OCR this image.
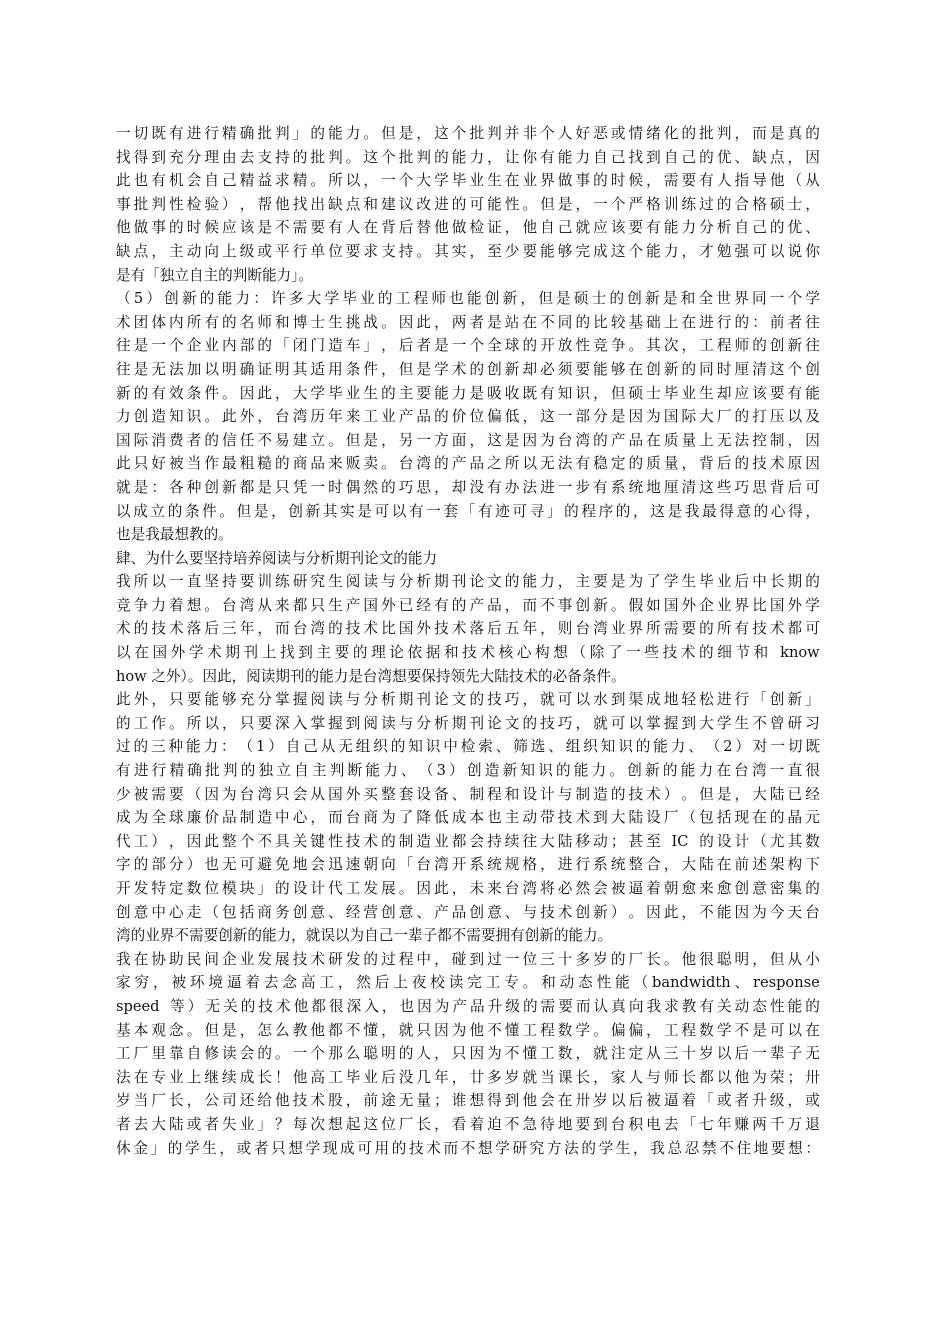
一 切 既 有 进 行 精 确 批 判 」 的 能 力 。 但 是 ， 这 个 批 判 并 非 个 人 好 恶 或 情 绪 化 的 批 判 ， 而 是 真 的
找 得 到 充 分 理 由 去 支 持 的 批 判 。 这 个 批 判 的 能 力 ， 让 你 有 能 力 自 己 找 到 自 己 的 优 、 缺 点 ， 因
此 也 有 机 会 自 己 精 益 求 精 。 所 以 ， 一 个 大 学 毕 业 生 在 业 界 做 事 的 时 候 ， 需 要 有 人 指 导 他 （ 从
事 批 判 性 检 验 ） ， 帮 他 找 出 缺 点 和 建 议 改 进 的 可 能 性 。 但 是 ， 一 个 严 格 训 练 过 的 合 格 硕 士 ，
他 做 事 的 时 候 应 该 是 不 需 要 有 人 在 背 后 替 他 做 检 证 ， 他 自 己 就 应 该 要 有 能 力 分 析 自 己 的 优 、
缺 点 ， 主 动 向 上 级 或 平 行 单 位 要 求 支 持 。 其 实 ， 至 少 要 能 够 完 成 这 个 能 力 ， 才 勉 强 可 以 说 你
是有「独立自主的判断能力」。
（ 5 ） 创 新 的 能 力 ： 许 多 大 学 毕 业 的 工 程 师 也 能 创 新 ， 但 是 硕 士 的 创 新 是 和 全 世 界 同 一 个 学
术 团 体 内 所 有 的 名 师 和 博 士 生 挑 战 。 因 此 ， 两 者 是 站 在 不 同 的 比 较 基 础 上 在 进 行 的 ： 前 者 往
往 是 一 个 企 业 内 部 的 「 闭 门 造 车 」 ， 后 者 是 一 个 全 球 的 开 放 性 竞 争 。 其 次 ， 工 程 师 的 创 新 往
往 是 无 法 加 以 明 确 证 明 其 适 用 条 件 ， 但 是 学 术 的 创 新 却 必 须 要 能 够 在 创 新 的 同 时 厘 清 这 个 创
新 的 有 效 条 件 。 因 此 ， 大 学 毕 业 生 的 主 要 能 力 是 吸 收 既 有 知 识 ， 但 硕 士 毕 业 生 却 应 该 要 有 能
力 创 造 知 识 。 此 外 ， 台 湾 历 年 来 工 业 产 品 的 价 位 偏 低 ， 这 一 部 分 是 因 为 国 际 大 厂 的 打 压 以 及
国 际 消 费 者 的 信 任 不 易 建 立 。 但 是 ， 另 一 方 面 ， 这 是 因 为 台 湾 的 产 品 在 质 量 上 无 法 控 制 ， 因
此 只 好 被 当 作 最 粗 糙 的 商 品 来 贩 卖 。 台 湾 的 产 品 之 所 以 无 法 有 稳 定 的 质 量 ， 背 后 的 技 术 原 因
就 是 ： 各 种 创 新 都 是 只 凭 一 时 偶 然 的 巧 思 ， 却 没 有 办 法 进 一 步 有 系 统 地 厘 清 这 些 巧 思 背 后 可
以 成 立 的 条 件 。 但 是 ， 创 新 其 实 是 可 以 有 一 套 「 有 迹 可 寻 」 的 程 序 的 ， 这 是 我 最 得 意 的 心 得 ，
也是我最想教的。
肆、为什么要坚持培养阅读与分析期刊论文的能力
我 所 以 一 直 坚 持 要 训 练 研 究 生 阅 读 与 分 析 期 刊 论 文 的 能 力 ， 主 要 是 为 了 学 生 毕 业 后 中 长 期 的
竞 争 力 着 想 。 台 湾 从 来 都 只 生 产 国 外 已 经 有 的 产 品 ， 而 不 事 创 新 。 假 如 国 外 企 业 界 比 国 外 学
术 的 技 术 落 后 三 年 ， 而 台 湾 的 技 术 比 国 外 技 术 落 后 五 年 ， 则 台 湾 业 界 所 需 要 的 所 有 技 术 都 可
以 在 国 外 学 术 期 刊 上 找 到 主 要 的 理 论 依 据 和 技 术 核 心 构 想 （ 除 了 一 些 技 术 的 细 节 和
know
how 之外）。因此，阅读期刊的能力是台湾想要保持领先大陆技术的必备条件。
此 外 ， 只 要 能 够 充 分 掌 握 阅 读 与 分 析 期 刊 论 文 的 技 巧 ， 就 可 以 水 到 渠 成 地 轻 松 进 行 「 创 新 」
的 工 作 。 所 以 ， 只 要 深 入 掌 握 到 阅 读 与 分 析 期 刊 论 文 的 技 巧 ， 就 可 以 掌 握 到 大 学 生 不 曾 研 习
过 的 三 种 能 力 ： （ 1 ） 自 己 从 无 组 织 的 知 识 中 检 索 、 筛 选 、 组 织 知 识 的 能 力 、 （ 2 ） 对 一 切 既
有 进 行 精 确 批 判 的 独 立 自 主 判 断 能 力 、 （ 3 ） 创 造 新 知 识 的 能 力 。 创 新 的 能 力 在 台 湾 一 直 很
少 被 需 要 （ 因 为 台 湾 只 会 从 国 外 买 整 套 设 备 、 制 程 和 设 计 与 制 造 的 技 术 ） 。 但 是 ， 大 陆 已 经
成 为 全 球 廉 价 品 制 造 中 心 ， 而 台 商 为 了 降 低 成 本 也 主 动 带 技 术 到 大 陆 设 厂 （ 包 括 现 在 的 晶 元
代 工 ） ， 因 此 整 个 不 具 关 键 性 技 术 的 制 造 业 都 会 持 续 往 大 陆 移 动 ； 甚 至
IC
的 设 计 （ 尤 其 数
字 的 部 分 ） 也 无 可 避 免 地 会 迅 速 朝 向 「 台 湾 开 系 统 规 格 ， 进 行 系 统 整 合 ， 大 陆 在 前 述 架 构 下
开 发 特 定 数 位 模 块 」 的 设 计 代 工 发 展 。 因 此 ， 未 来 台 湾 将 必 然 会 被 逼 着 朝 愈 来 愈 创 意 密 集 的
创 意 中 心 走 （ 包 括 商 务 创 意 、 经 营 创 意 、 产 品 创 意 、 与 技 术 创 新 ） 。 因 此 ， 不 能 因 为 今 天 台
湾的业界不需要创新的能力，就误以为自己一辈子都不需要拥有创新的能力。
我 在 协 助 民 间 企 业 发 展 技 术 研 发 的 过 程 中 ， 碰 到 过 一 位 三 十 多 岁 的 厂 长 。 他 很 聪 明 ， 但 从 小
家 穷 ， 被 环 境 逼 着 去 念 高 工 ， 然 后 上 夜 校 读 完 工 专 。 和 动 态 性 能 （ bandwidth 、 response
speed
等 ） 无 关 的 技 术 他 都 很 深 入 ， 也 因 为 产 品 升 级 的 需 要 而 认 真 向 我 求 教 有 关 动 态 性 能 的
基 本 观 念 。 但 是 ， 怎 么 教 他 都 不 懂 ， 就 只 因 为 他 不 懂 工 程 数 学 。 偏 偏 ， 工 程 数 学 不 是 可 以 在
工 厂 里 靠 自 修 读 会 的 。 一 个 那 么 聪 明 的 人 ， 只 因 为 不 懂 工 数 ， 就 注 定 从 三 十 岁 以 后 一 辈 子 无
法 在 专 业 上 继 续 成 长 ！ 他 高 工 毕 业 后 没 几 年 ， 廿 多 岁 就 当 课 长 ， 家 人 与 师 长 都 以 他 为 荣 ； 卅
岁 当 厂 长 ， 公 司 还 给 他 技 术 股 ， 前 途 无 量 ； 谁 想 得 到 他 会 在 卅 岁 以 后 被 逼 着 「 或 者 升 级 ， 或
者 去 大 陆 或 者 失 业 」 ？ 每 次 想 起 这 位 厂 长 ， 看 着 迫 不 急 待 地 要 到 台 积 电 去 「 七 年 赚 两 千 万 退
休 金 」 的 学 生 ， 或 者 只 想 学 现 成 可 用 的 技 术 而 不 想 学 研 究 方 法 的 学 生 ， 我 总 忍 禁 不 住 地 要 想 ：
